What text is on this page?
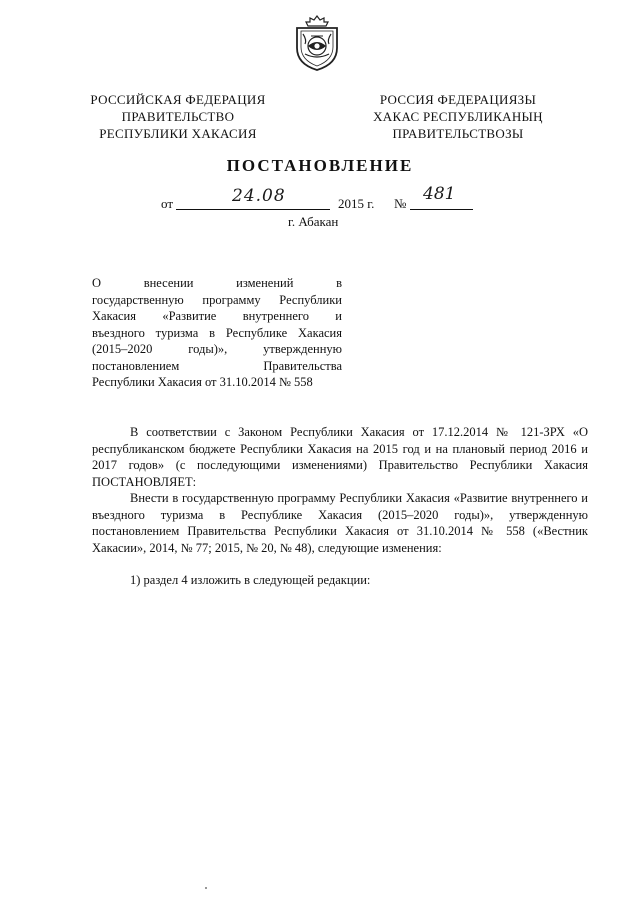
РОССИЙСКАЯ ФЕДЕРАЦИЯ
ПРАВИТЕЛЬСТВО
РЕСПУБЛИКИ ХАКАСИЯ
РОССИЯ ФЕДЕРАЦИЯЗЫ
ХАКАС РЕСПУБЛИКАНЫҢ
ПРАВИТЕЛЬСТВОЗЫ
ПОСТАНОВЛЕНИЕ
от	24.08	2015 г. № 481
г. Абакан
О внесении изменений в
государственную программу Республики
Хакасия «Развитие внутреннего и
въездного туризма в Республике Хакасия
(2015–2020 годы)», утвержденную
постановлением Правительства
Республики Хакасия от 31.10.2014 № 558
В соответствии с Законом Республики Хакасия от 17.12.2014 № 121-ЗРХ «О республиканском бюджете Республики Хакасия на 2015 год и на плановый период 2016 и 2017 годов» (с последующими изменениями) Правительство Республики Хакасия ПОСТАНОВЛЯЕТ:
Внести в государственную программу Республики Хакасия «Развитие внутреннего и въездного туризма в Республике Хакасия (2015–2020 годы)», утвержденную постановлением Правительства Республики Хакасия от 31.10.2014 № 558 («Вестник Хакасии», 2014, № 77; 2015, № 20, № 48), следующие изменения:
1) раздел 4 изложить в следующей редакции:
